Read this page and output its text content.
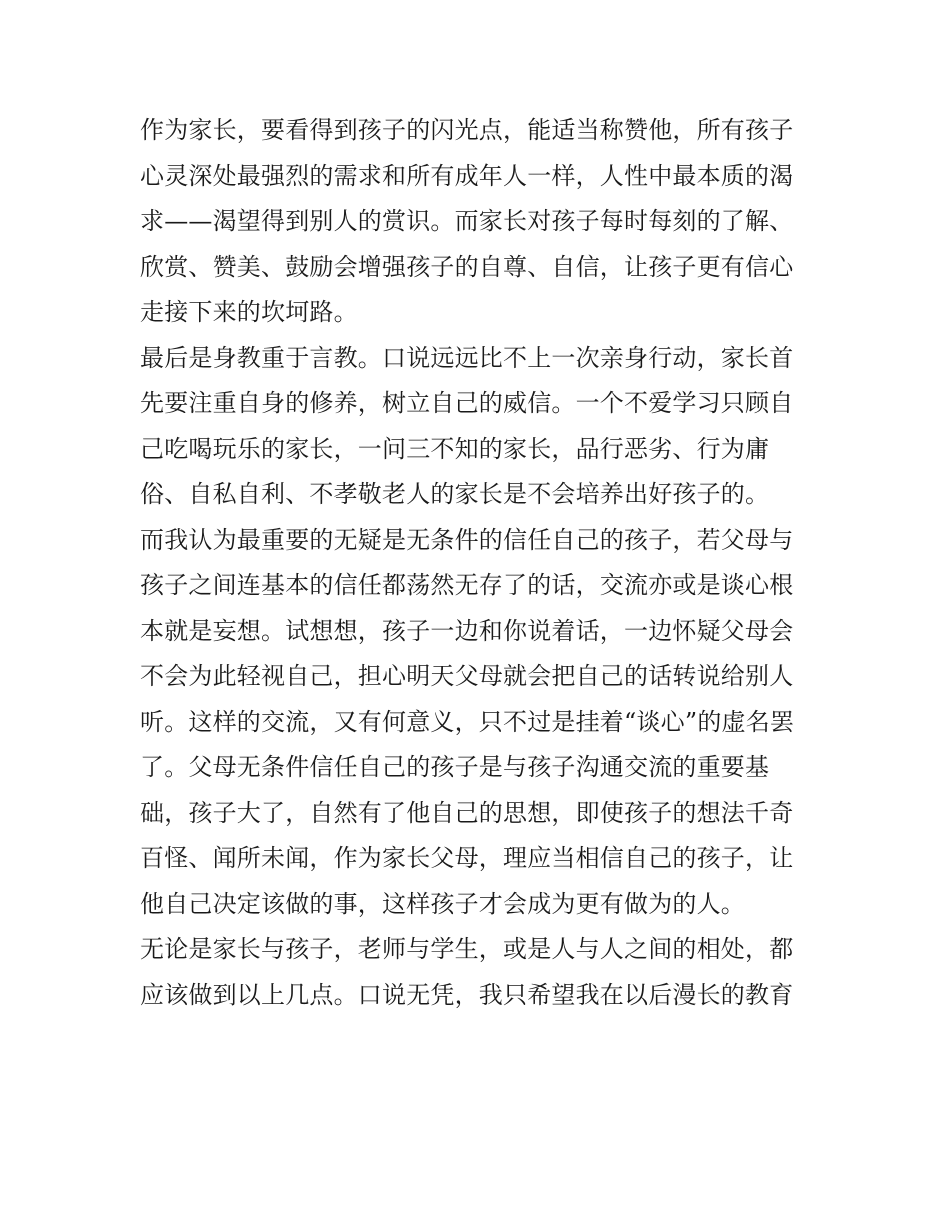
作为家长，要看得到孩子的闪光点，能适当称赞他，所有孩子
心灵深处最强烈的需求和所有成年人一样，人性中最本质的渴
求——渴望得到别人的赏识。而家长对孩子每时每刻的了解、
欣赏、赞美、鼓励会增强孩子的自尊、自信，让孩子更有信心
走接下来的坎坷路。
最后是身教重于言教。口说远远比不上一次亲身行动，家长首
先要注重自身的修养，树立自己的威信。一个不爱学习只顾自
己吃喝玩乐的家长，一问三不知的家长，品行恶劣、行为庸
俗、自私自利、不孝敬老人的家长是不会培养出好孩子的。
而我认为最重要的无疑是无条件的信任自己的孩子，若父母与
孩子之间连基本的信任都荡然无存了的话，交流亦或是谈心根
本就是妄想。试想想，孩子一边和你说着话，一边怀疑父母会
不会为此轻视自己，担心明天父母就会把自己的话转说给别人
听。这样的交流，又有何意义，只不过是挂着“谈心”的虚名罢
了。父母无条件信任自己的孩子是与孩子沟通交流的重要基
础，孩子大了，自然有了他自己的思想，即使孩子的想法千奇
百怪、闻所未闻，作为家长父母，理应当相信自己的孩子，让
他自己决定该做的事，这样孩子才会成为更有做为的人。
无论是家长与孩子，老师与学生，或是人与人之间的相处，都
应该做到以上几点。口说无凭，我只希望我在以后漫长的教育
